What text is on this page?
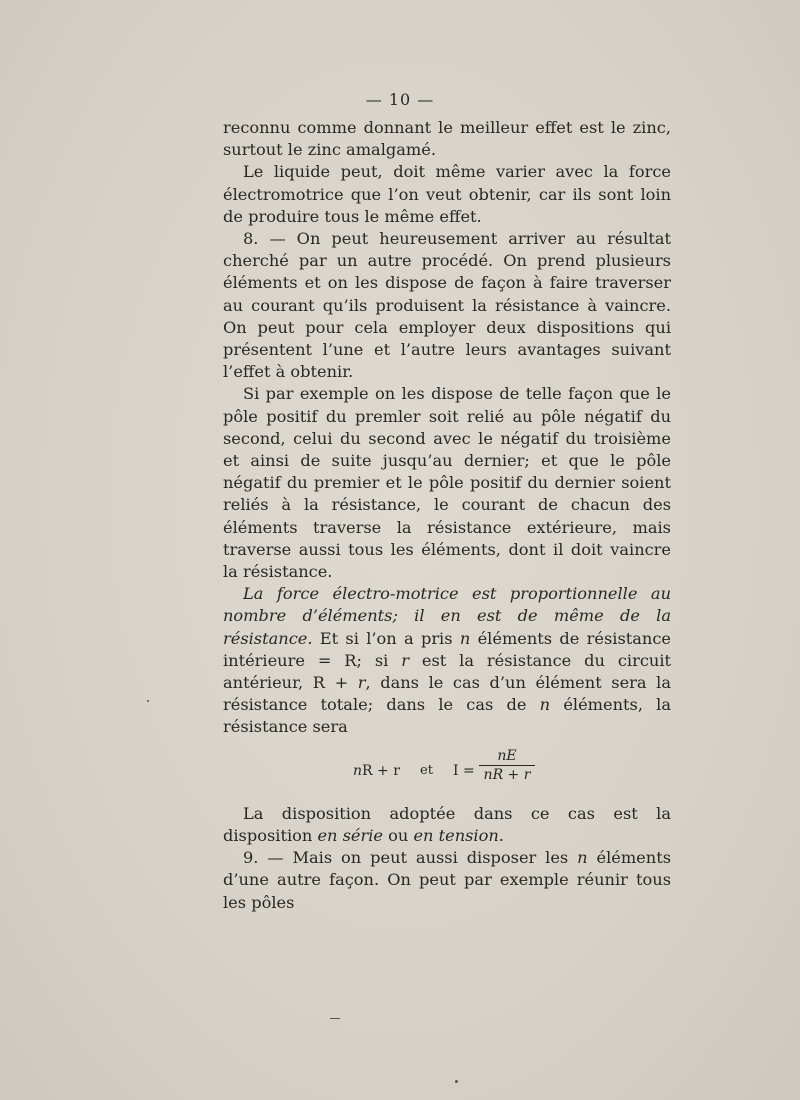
— 10 —

reconnu comme donnant le meilleur effet est le zinc, surtout le zinc amalgamé.

Le liquide peut, doit même varier avec la force électromotrice que l’on veut obtenir, car ils sont loin de produire tous le même effet.

8. — On peut heureusement arriver au résultat cherché par un autre procédé. On prend plusieurs éléments et on les dispose de façon à faire traverser au courant qu’ils produisent la résistance à vaincre. On peut pour cela employer deux dispositions qui présentent l’une et l’autre leurs avantages suivant l’effet à obtenir.

Si par exemple on les dispose de telle façon que le pôle positif du premler soit relié au pôle négatif du second, celui du second avec le négatif du troisième et ainsi de suite jusqu’au dernier; et que le pôle négatif du premier et le pôle positif du dernier soient reliés à la résistance, le courant de chacun des éléments traverse la résistance extérieure, mais traverse aussi tous les éléments, dont il doit vaincre la résistance.

La force électro-motrice est proportionnelle au nombre d’éléments; il en est de même de la résistance. Et si l’on a pris n éléments de résistance intérieure = R; si r est la résistance du circuit antérieur, R + r, dans le cas d’un élément sera la résistance totale; dans le cas de n éléments, la résistance sera

nR + r et $I = \frac{nE}{nR + r}$

La disposition adoptée dans ce cas est la disposition en série ou en tension.

9. — Mais on peut aussi disposer les n éléments d’une autre façon. On peut par exemple réunir tous les pôles
